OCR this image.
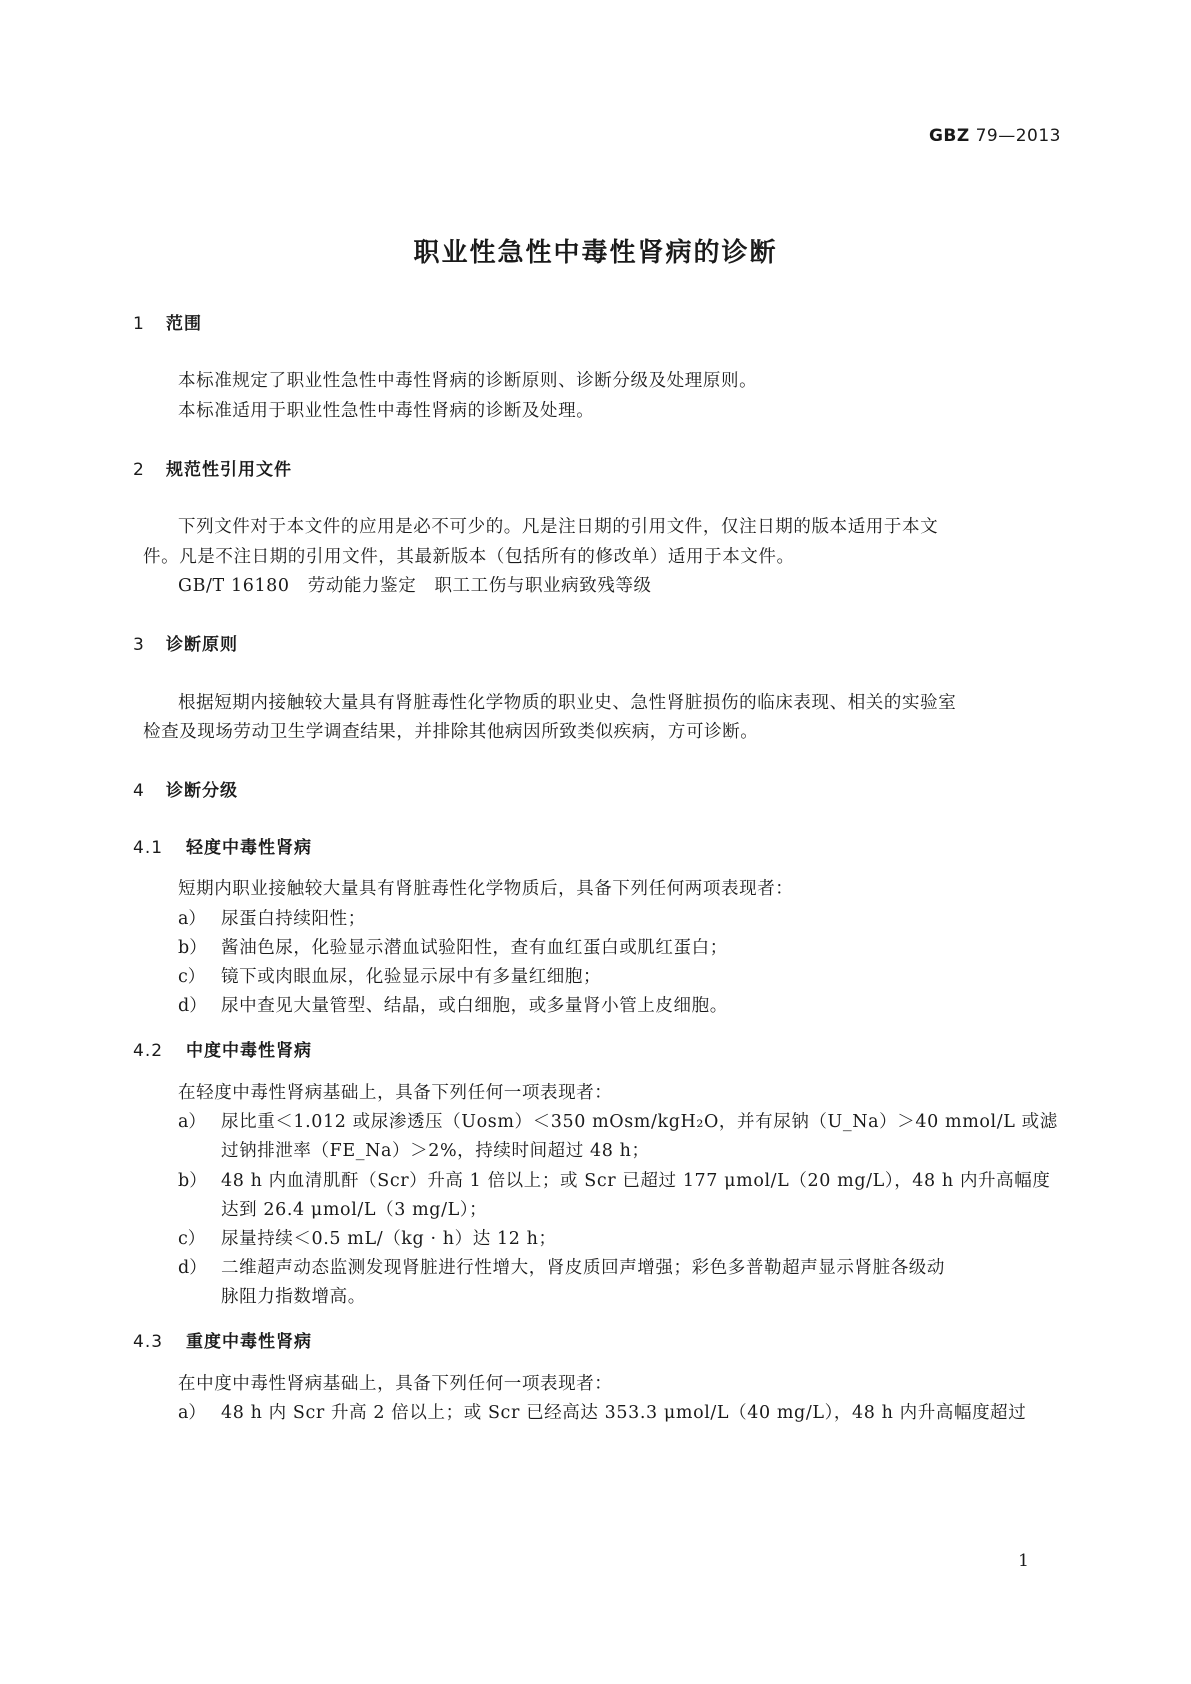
GBZ 79—2013
职业性急性中毒性肾病的诊断
1 范围
本标准规定了职业性急性中毒性肾病的诊断原则、诊断分级及处理原则。
本标准适用于职业性急性中毒性肾病的诊断及处理。
2 规范性引用文件
下列文件对于本文件的应用是必不可少的。凡是注日期的引用文件，仅注日期的版本适用于本文
件。凡是不注日期的引用文件，其最新版本（包括所有的修改单）适用于本文件。
GB/T 16180　劳动能力鉴定　职工工伤与职业病致残等级
3 诊断原则
根据短期内接触较大量具有肾脏毒性化学物质的职业史、急性肾脏损伤的临床表现、相关的实验室
检查及现场劳动卫生学调查结果，并排除其他病因所致类似疾病，方可诊断。
4 诊断分级
4.1 轻度中毒性肾病
短期内职业接触较大量具有肾脏毒性化学物质后，具备下列任何两项表现者：
a） 尿蛋白持续阳性；
b） 酱油色尿，化验显示潜血试验阳性，查有血红蛋白或肌红蛋白；
c） 镜下或肉眼血尿，化验显示尿中有多量红细胞；
d） 尿中查见大量管型、结晶，或白细胞，或多量肾小管上皮细胞。
4.2 中度中毒性肾病
在轻度中毒性肾病基础上，具备下列任何一项表现者：
a） 尿比重＜1.012 或尿渗透压（Uosm）＜350 mOsm/kgH₂O，并有尿钠（U_Na）＞40 mmol/L 或滤
过钠排泄率（FE_Na）＞2%，持续时间超过 48 h；
b） 48 h 内血清肌酐（Scr）升高 1 倍以上；或 Scr 已超过 177 μmol/L（20 mg/L），48 h 内升高幅度
达到 26.4 μmol/L（3 mg/L）；
c） 尿量持续＜0.5 mL/（kg · h）达 12 h；
d） 二维超声动态监测发现肾脏进行性增大，肾皮质回声增强；彩色多普勒超声显示肾脏各级动
脉阻力指数增高。
4.3 重度中毒性肾病
在中度中毒性肾病基础上，具备下列任何一项表现者：
a） 48 h 内 Scr 升高 2 倍以上；或 Scr 已经高达 353.3 μmol/L（40 mg/L），48 h 内升高幅度超过
1
